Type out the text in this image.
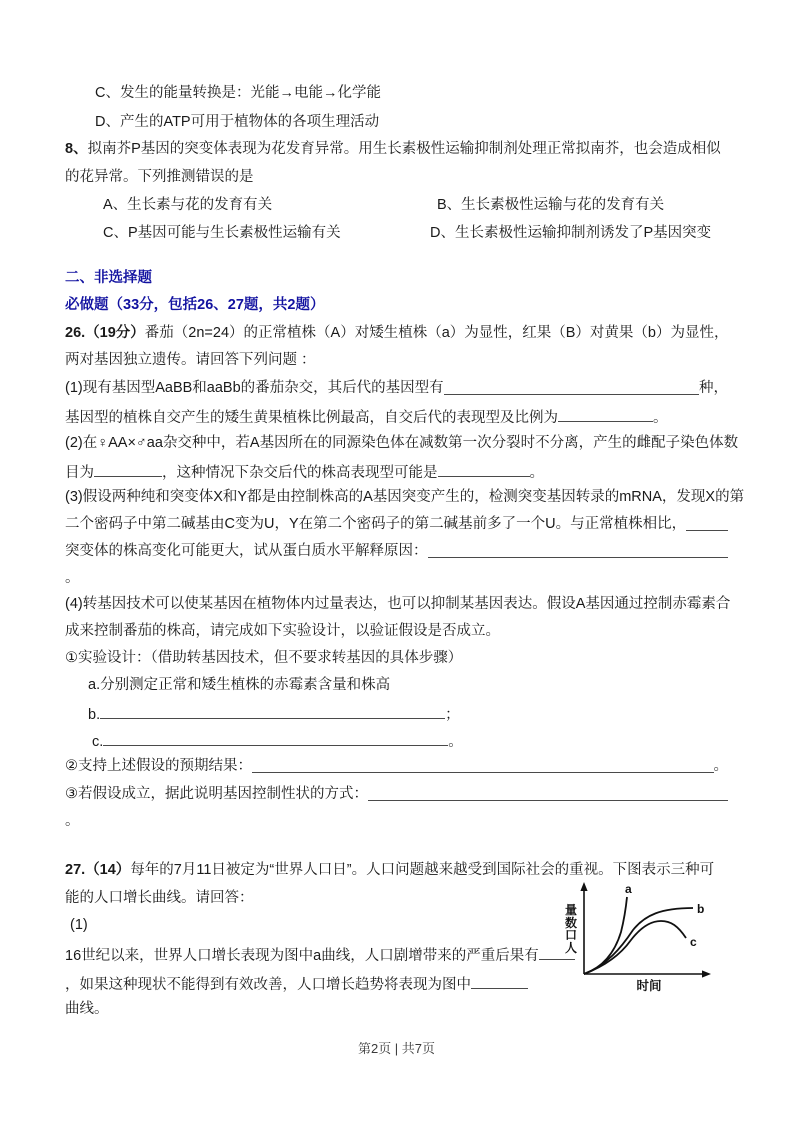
C、发生的能量转换是：光能→电能→化学能
D、产生的ATP可用于植物体的各项生理活动
8、拟南芥P基因的突变体表现为花发育异常。用生长素极性运输抑制剂处理正常拟南芥，也会造成相似
的花异常。下列推测错误的是
A、生长素与花的发育有关	B、生长素极性运输与花的发育有关
C、P基因可能与生长素极性运输有关	D、生长素极性运输抑制剂诱发了P基因突变
二、非选择题
必做题（33分，包括26、27题，共2题）
26.（19分）番茄（2n=24）的正常植株（A）对矮生植株（a）为显性，红果（B）对黄果（b）为显性，
两对基因独立遗传。请回答下列问题 ：
(1)现有基因型AaBB和aaBb的番茄杂交，其后代的基因型有	种，
基因型的植株自交产生的矮生黄果植株比例最高，自交后代的表现型及比例为	。
(2)在♀AA×♂aa杂交种中，若A基因所在的同源染色体在减数第一次分裂时不分离，产生的雌配子染色体数
目为	，这种情况下杂交后代的株高表现型可能是	。
(3)假设两种纯和突变体X和Y都是由控制株高的A基因突变产生的，检测突变基因转录的mRNA，发现X的第
二个密码子中第二碱基由C变为U，Y在第二个密码子的第二碱基前多了一个U。与正常植株相比，
突变体的株高变化可能更大，试从蛋白质水平解释原因：
。
(4)转基因技术可以使某基因在植物体内过量表达，也可以抑制某基因表达。假设A基因通过控制赤霉素合
成来控制番茄的株高，请完成如下实验设计，以验证假设是否成立。
①实验设计：（借助转基因技术，但不要求转基因的具体步骤）
a.分别测定正常和矮生植株的赤霉素含量和株高
b.	；
c.	。
②支持上述假设的预期结果：	。
③若假设成立，据此说明基因控制性状的方式：
。
27.（14）每年的7月11日被定为“世界人口日”。人口问题越来越受到国际社会的重视。下图表示三种可
能的人口增长曲线。请回答：
(1)
16世纪以来，世界人口增长表现为图中a曲线，人口剧增带来的严重后果有
，如果这种现状不能得到有效改善，人口增长趋势将表现为图中
曲线。
a
b
c
时间
量数口人
第2页 | 共7页
